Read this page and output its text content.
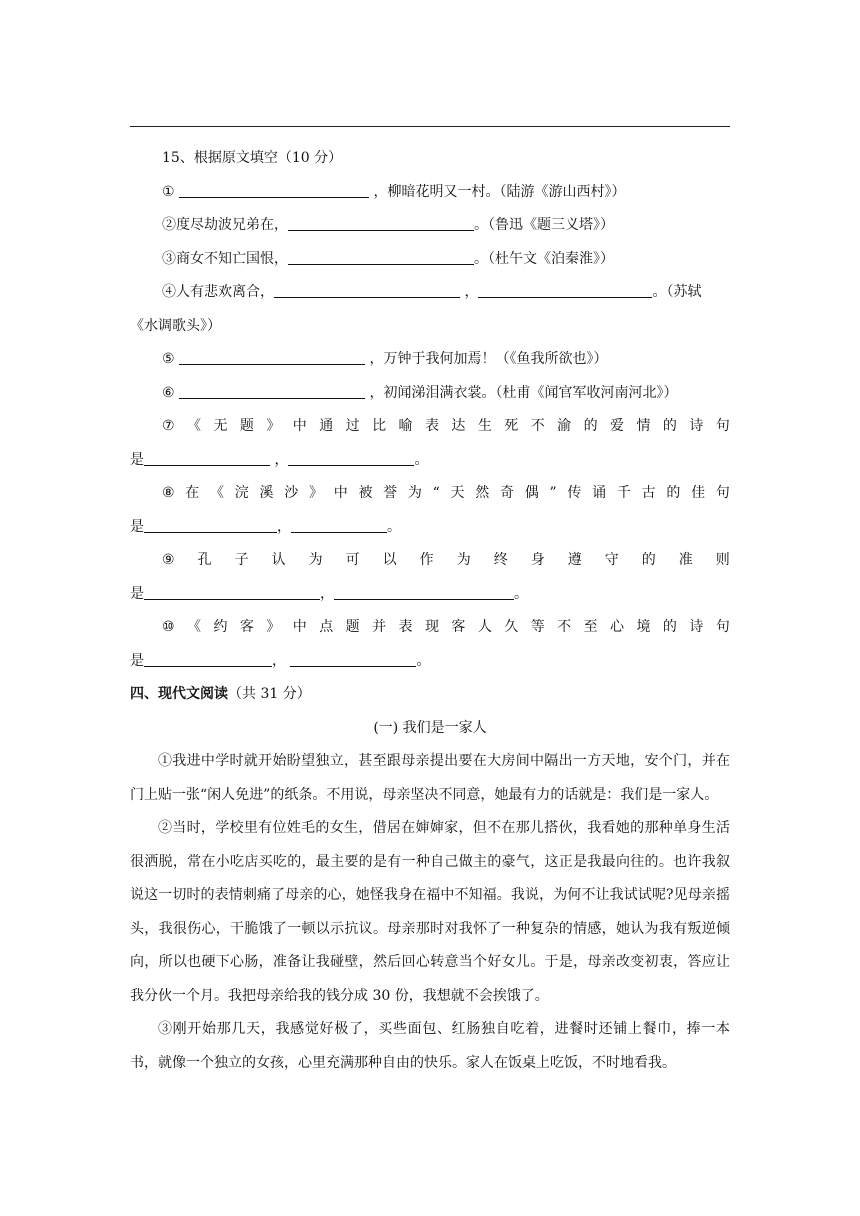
15、根据原文填空（10 分）
①	，柳暗花明又一村。（陆游《游山西村》）
②度尽劫波兄弟在，	。（鲁迅《题三义塔》）
③商女不知亡国恨，	。（杜午文《泊秦淮》）
④人有悲欢离合，	，	。（苏轼
《水调歌头》）
⑤	，万钟于我何加焉！（《鱼我所欲也》）
⑥	，初闻涕泪满衣裳。（杜甫《闻官军收河南河北》）
⑦ 《 无 题 》 中 通 过 比 喻 表 达 生 死 不 渝 的 爱 情 的 诗 句
是	，	。
⑧ 在 《 浣 溪 沙 》 中 被 誉 为 “ 天 然 奇 偶 ” 传 诵 千 古 的 佳 句
是	，	。
⑨ 孔 子 认 为 可 以 作 为 终 身 遵 守 的 准 则
是	，	。
⑩ 《 约 客 》 中 点 题 并 表 现 客 人 久 等 不 至 心 境 的 诗 句
是	，	。
四、现代文阅读（共 31 分）
(一) 我们是一家人

①我进中学时就开始盼望独立，甚至跟母亲提出要在大房间中隔出一方天地，安个门，并在门上贴一张“闲人免进”的纸条。不用说，母亲坚决不同意，她最有力的话就是：我们是一家人。

②当时，学校里有位姓毛的女生，借居在婶婶家，但不在那儿搭伙，我看她的那种单身生活很洒脱，常在小吃店买吃的，最主要的是有一种自己做主的豪气，这正是我最向往的。也许我叙说这一切时的表情刺痛了母亲的心，她怪我身在福中不知福。我说，为何不让我试试呢?见母亲摇头，我很伤心，干脆饿了一顿以示抗议。母亲那时对我怀了一种复杂的情感，她认为我有叛逆倾向，所以也硬下心肠，准备让我碰壁，然后回心转意当个好女儿。于是，母亲改变初衷，答应让我分伙一个月。我把母亲给我的钱分成 30 份，我想就不会挨饿了。

③刚开始那几天，我感觉好极了，买些面包、红肠独自吃着，进餐时还铺上餐巾，捧一本书，就像一个独立的女孩，心里充满那种自由的快乐。家人在饭桌上吃饭，不时地看我。
